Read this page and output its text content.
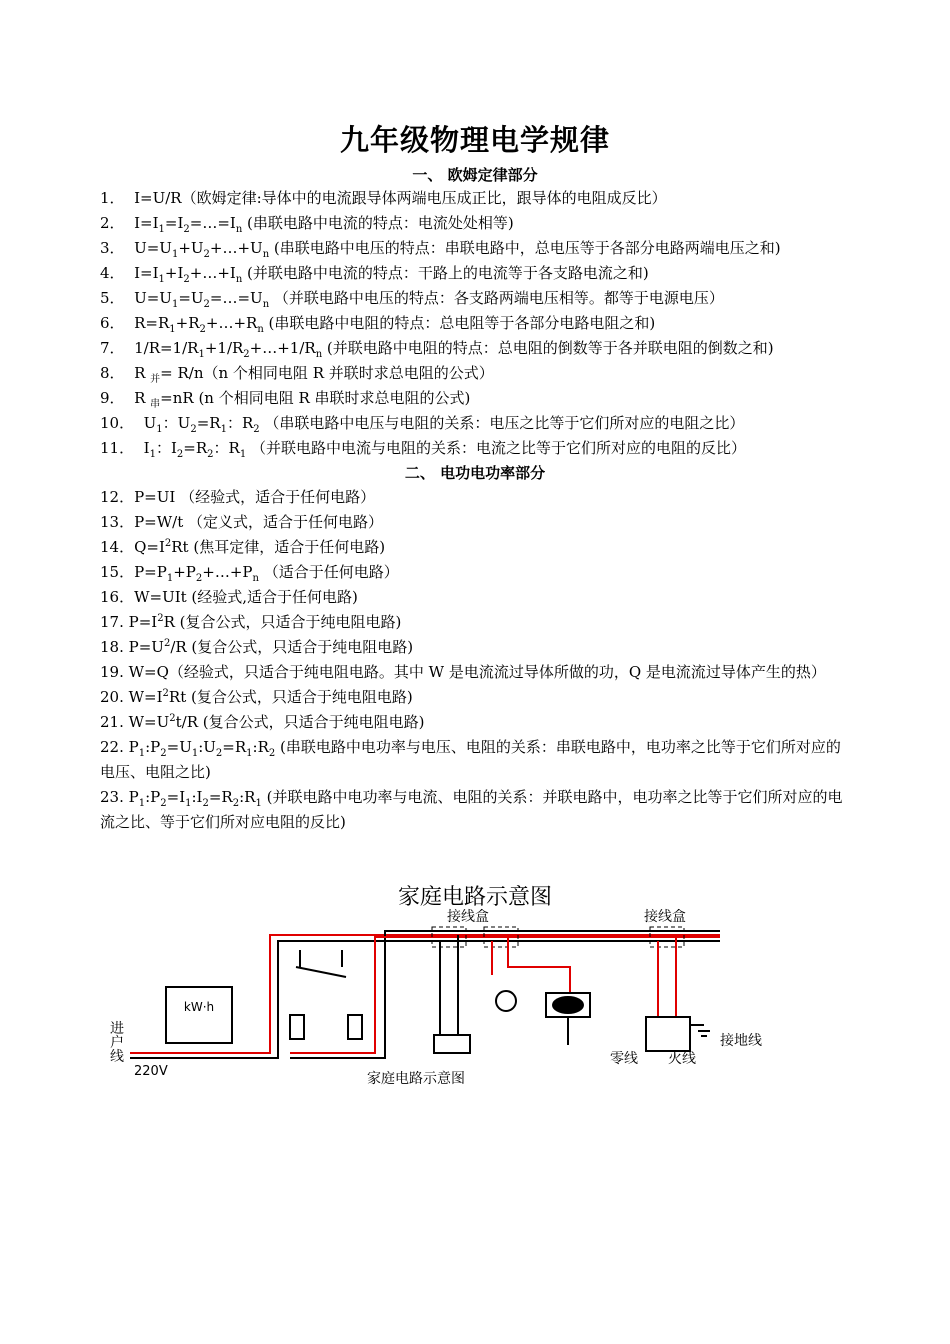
九年级物理电学规律
一、 欧姆定律部分
1． I=U/R（欧姆定律:导体中的电流跟导体两端电压成正比，跟导体的电阻成反比）
2． $I=I_1=I_2=\dots=I_n$ (串联电路中电流的特点：电流处处相等)
3． $U=U_1+U_2+\dots+U_n$ (串联电路中电压的特点：串联电路中，总电压等于各部分电路两端电压之和)
4． $I=I_1+I_2+\dots+I_n$ (并联电路中电流的特点：干路上的电流等于各支路电流之和)
5． $U=U_1=U_2=\dots=U_n$ （并联电路中电压的特点：各支路两端电压相等。都等于电源电压）
6． $R=R_1+R_2+\dots+R_n$ (串联电路中电阻的特点：总电阻等于各部分电路电阻之和)
7． $1/R=1/R_1+1/R_2+\dots+1/R_n$ (并联电路中电阻的特点：总电阻的倒数等于各并联电阻的倒数之和)
8． R $_并$= R/n（n 个相同电阻 R 并联时求总电阻的公式）
9． R $_串$=nR (n 个相同电阻 R 串联时求总电阻的公式)
10． $U_1$：$U_2=R_1$：$R_2$ （串联电路中电压与电阻的关系：电压之比等于它们所对应的电阻之比）
11． $I_1$：$I_2=R_2$：$R_1$ （并联电路中电流与电阻的关系：电流之比等于它们所对应的电阻的反比）
二、 电功电功率部分
12．P=UI （经验式，适合于任何电路）
13．P=W/t （定义式，适合于任何电路）
14．$Q=I^2Rt$ (焦耳定律，适合于任何电路)
15．$P=P_1+P_2+\dots+P_n$ （适合于任何电路）
16．W=UIt (经验式,适合于任何电路)
17. $P=I^2R$ (复合公式，只适合于纯电阻电路)
18. $P=U^2/R$ (复合公式，只适合于纯电阻电路)
19. W=Q（经验式，只适合于纯电阻电路。其中 W 是电流流过导体所做的功，Q 是电流流过导体产生的热）
20. $W=I^2Rt$ (复合公式，只适合于纯电阻电路)
21. $W=U^2t/R$ (复合公式，只适合于纯电阻电路)
22. $P_1:P_2=U_1:U_2=R_1:R_2$ (串联电路中电功率与电压、电阻的关系：串联电路中，电功率之比等于它们所对应的电压、电阻之比)
23. $P_1:P_2=I_1:I_2=R_2:R_1$ (并联电路中电功率与电流、电阻的关系：并联电路中，电功率之比等于它们所对应的电流之比、等于它们所对应电阻的反比)
家庭电路示意图
kW·h
接线盒	接线盒
进
户
线
220V
零线 火线
接地线
家庭电路示意图
